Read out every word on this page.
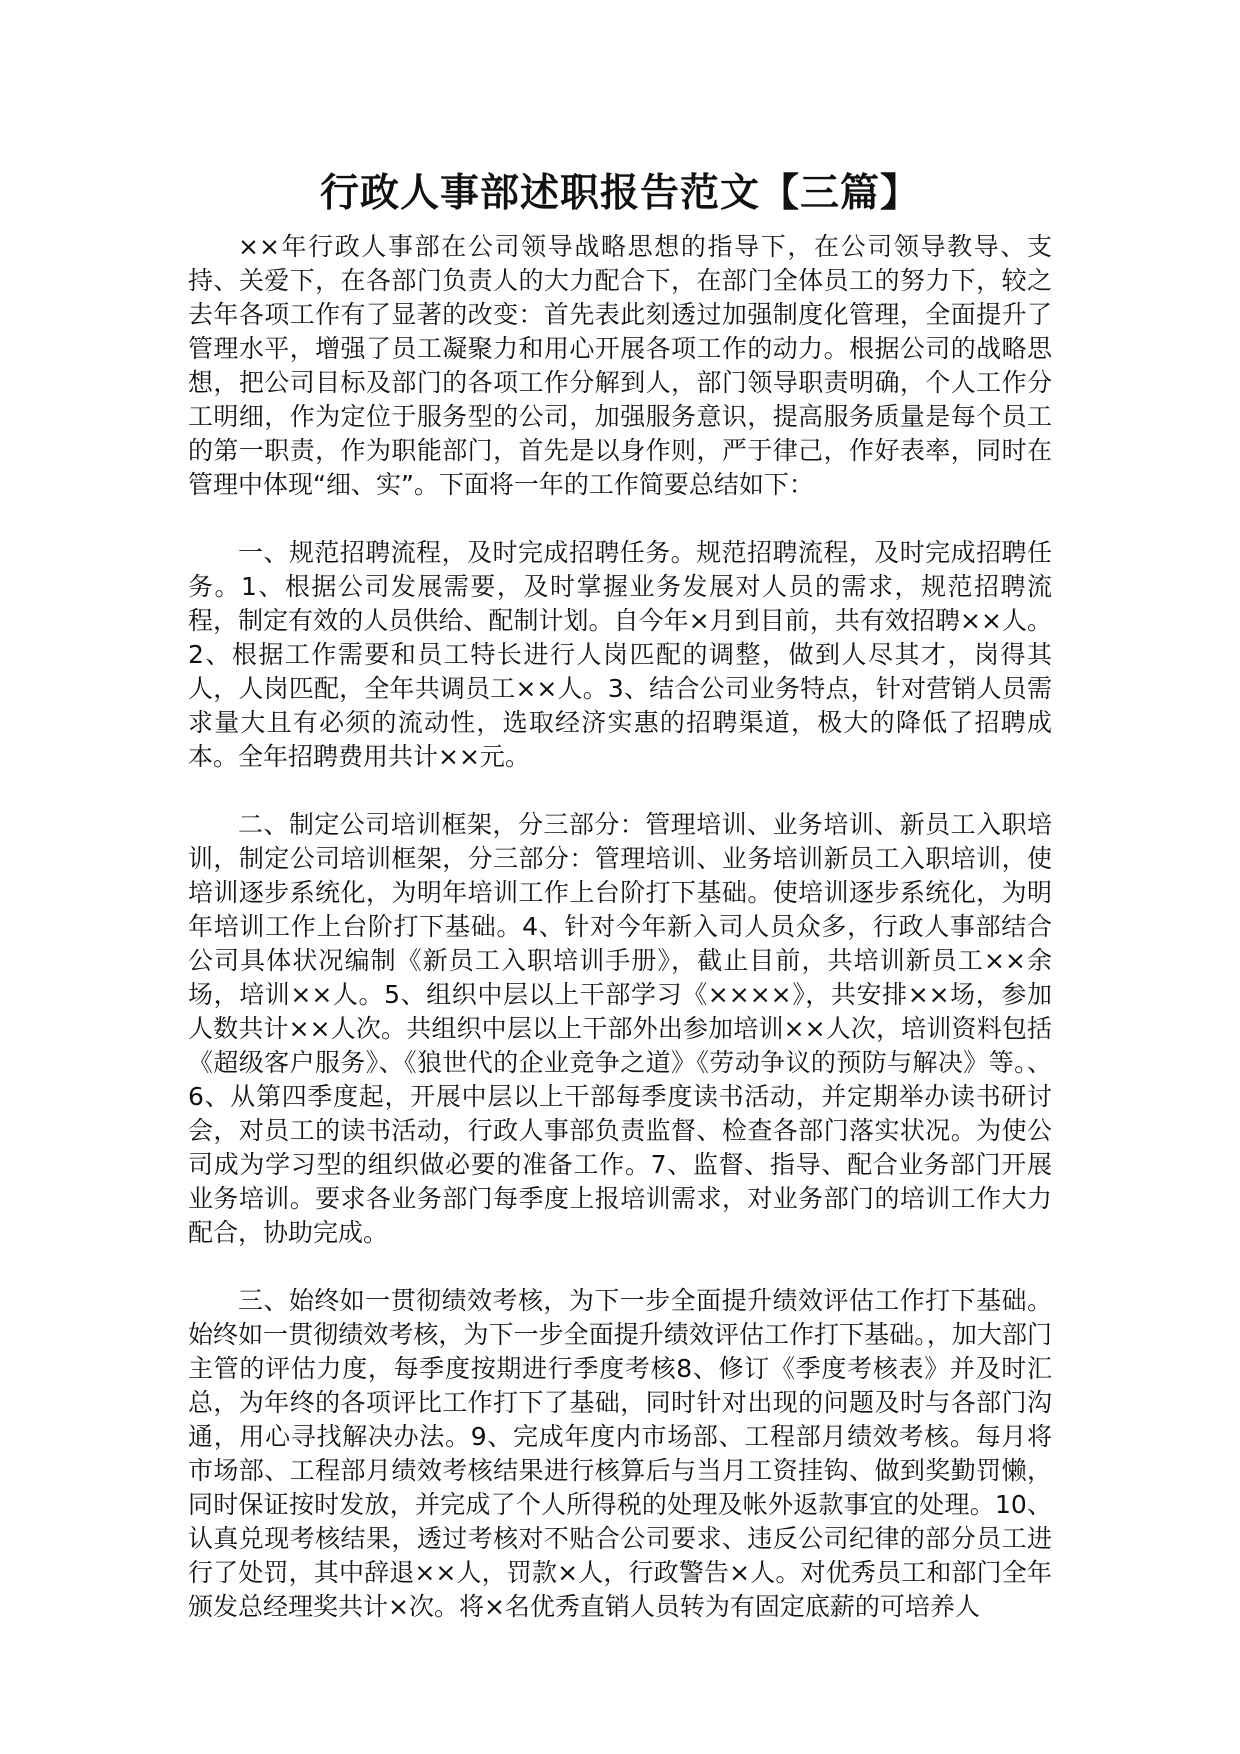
行政人事部述职报告范文【三篇】

××年行政人事部在公司领导战略思想的指导下，在公司领导教导、支持、关爱下，在各部门负责人的大力配合下，在部门全体员工的努力下，较之去年各项工作有了显著的改变：首先表此刻透过加强制度化管理，全面提升了管理水平，增强了员工凝聚力和用心开展各项工作的动力。根据公司的战略思想，把公司目标及部门的各项工作分解到人，部门领导职责明确，个人工作分工明细，作为定位于服务型的公司，加强服务意识，提高服务质量是每个员工的第一职责，作为职能部门，首先是以身作则，严于律己，作好表率，同时在管理中体现“细、实”。下面将一年的工作简要总结如下：

一、规范招聘流程，及时完成招聘任务。规范招聘流程，及时完成招聘任务。1、根据公司发展需要，及时掌握业务发展对人员的需求，规范招聘流程，制定有效的人员供给、配制计划。自今年×月到目前，共有效招聘××人。2、根据工作需要和员工特长进行人岗匹配的调整，做到人尽其才，岗得其人，人岗匹配，全年共调员工××人。3、结合公司业务特点，针对营销人员需求量大且有必须的流动性，选取经济实惠的招聘渠道，极大的降低了招聘成本。全年招聘费用共计××元。

二、制定公司培训框架，分三部分：管理培训、业务培训、新员工入职培训，制定公司培训框架，分三部分：管理培训、业务培训新员工入职培训，使培训逐步系统化，为明年培训工作上台阶打下基础。使培训逐步系统化，为明年培训工作上台阶打下基础。4、针对今年新入司人员众多，行政人事部结合公司具体状况编制《新员工入职培训手册》，截止目前，共培训新员工××余场，培训××人。5、组织中层以上干部学习《××××》，共安排××场，参加人数共计××人次。共组织中层以上干部外出参加培训××人次，培训资料包括《超级客户服务》、《狼世代的企业竞争之道》《劳动争议的预防与解决》等。、6、从第四季度起，开展中层以上干部每季度读书活动，并定期举办读书研讨会，对员工的读书活动，行政人事部负责监督、检查各部门落实状况。为使公司成为学习型的组织做必要的准备工作。7、监督、指导、配合业务部门开展业务培训。要求各业务部门每季度上报培训需求，对业务部门的培训工作大力配合，协助完成。

三、始终如一贯彻绩效考核，为下一步全面提升绩效评估工作打下基础。始终如一贯彻绩效考核，为下一步全面提升绩效评估工作打下基础。，加大部门主管的评估力度，每季度按期进行季度考核8、修订《季度考核表》并及时汇总，为年终的各项评比工作打下了基础，同时针对出现的问题及时与各部门沟通，用心寻找解决办法。9、完成年度内市场部、工程部月绩效考核。每月将市场部、工程部月绩效考核结果进行核算后与当月工资挂钩、做到奖勤罚懒，同时保证按时发放，并完成了个人所得税的处理及帐外返款事宜的处理。10、认真兑现考核结果，透过考核对不贴合公司要求、违反公司纪律的部分员工进行了处罚，其中辞退××人，罚款×人，行政警告×人。对优秀员工和部门全年颁发总经理奖共计×次。将×名优秀直销人员转为有固定底薪的可培养人
